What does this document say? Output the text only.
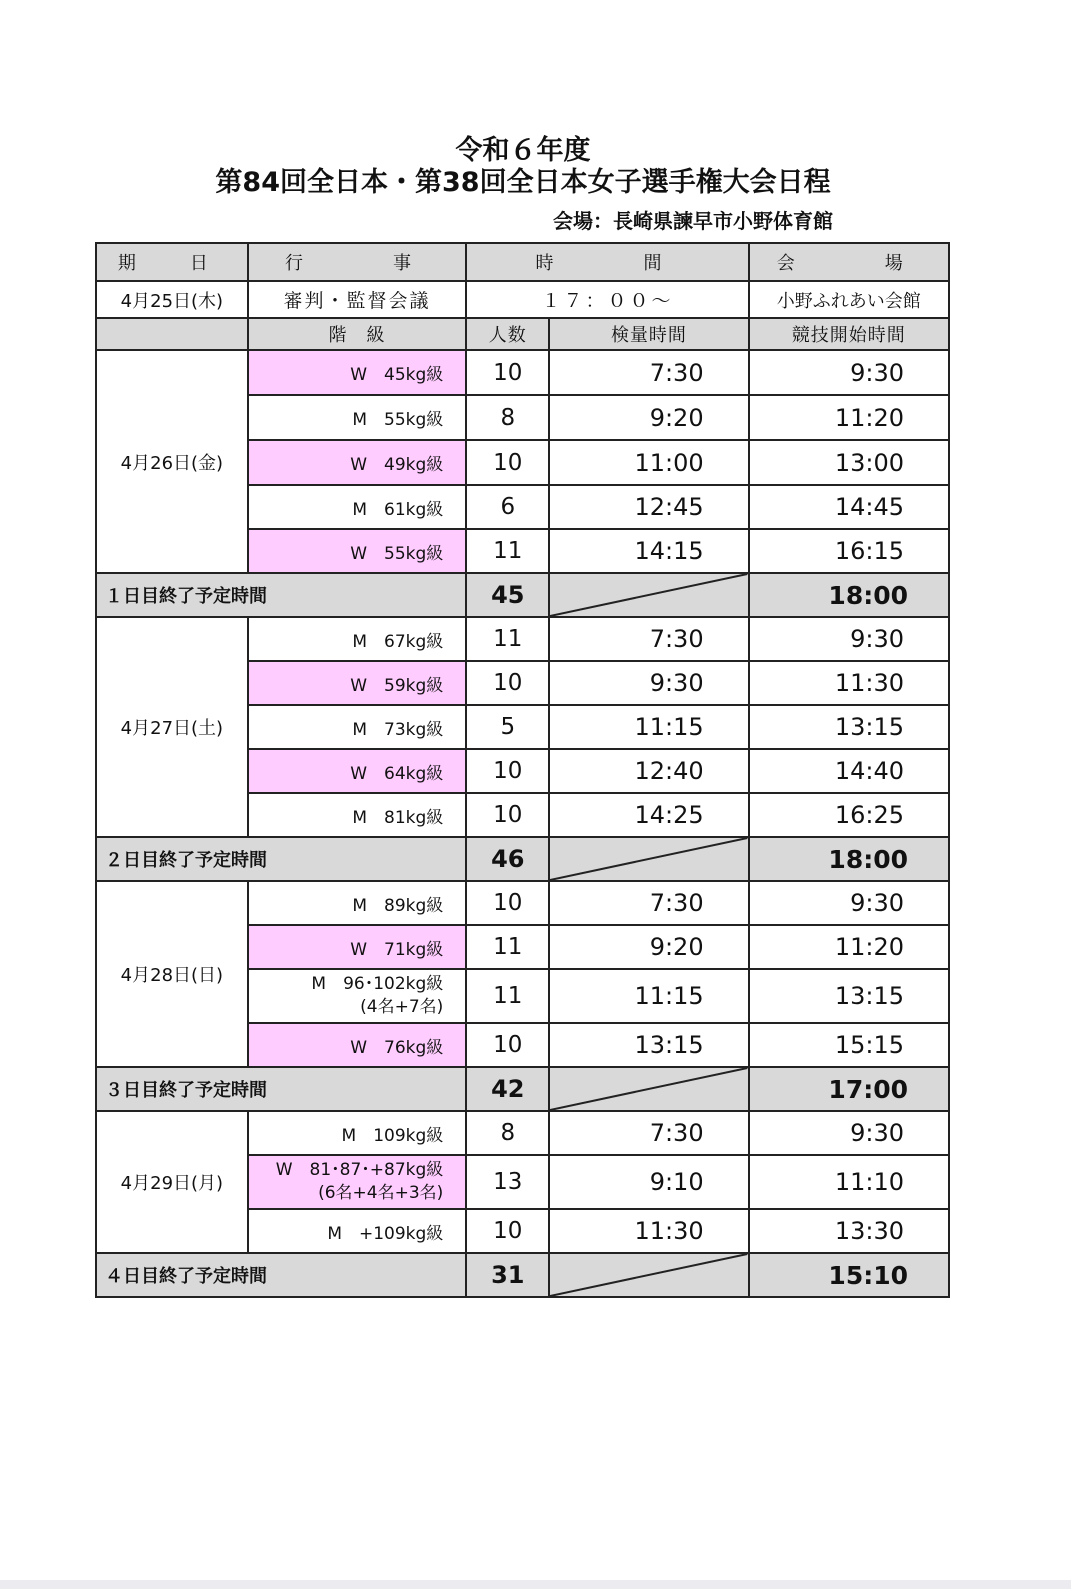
令和６年度
第84回全日本・第38回全日本女子選手権大会日程
会場：長崎県諫早市小野体育館
期　日	行　　事	時　　間		会　　場
4月25日(木)	審判・監督会議	１７：００～		小野ふれあい会館
	階　級	人数	検量時間	競技開始時間
4月26日(金)	W　45kg級	10	7:30	9:30
	M　55kg級	8	9:20	11:20
	W　49kg級	10	11:00	13:00
	M　61kg級	6	12:45	14:45
	W　55kg級	11	14:15	16:15
１日目終了予定時間		45		18:00
4月27日(土)	M　67kg級	11	7:30	9:30
	W　59kg級	10	9:30	11:30
	M　73kg級	5	11:15	13:15
	W　64kg級	10	12:40	14:40
	M　81kg級	10	14:25	16:25
２日目終了予定時間		46		18:00
4月28日(日)	M　89kg級	10	7:30	9:30
	W　71kg級	11	9:20	11:20
	M　96･102kg級
(4名+7名)	11	11:15	13:15
	W　76kg級	10	13:15	15:15
３日目終了予定時間		42		17:00
4月29日(月)	M　109kg級	8	7:30	9:30
	W　81･87･+87kg級
(6名+4名+3名)	13	9:10	11:10
	M　+109kg級	10	11:30	13:30
４日目終了予定時間		31		15:10
